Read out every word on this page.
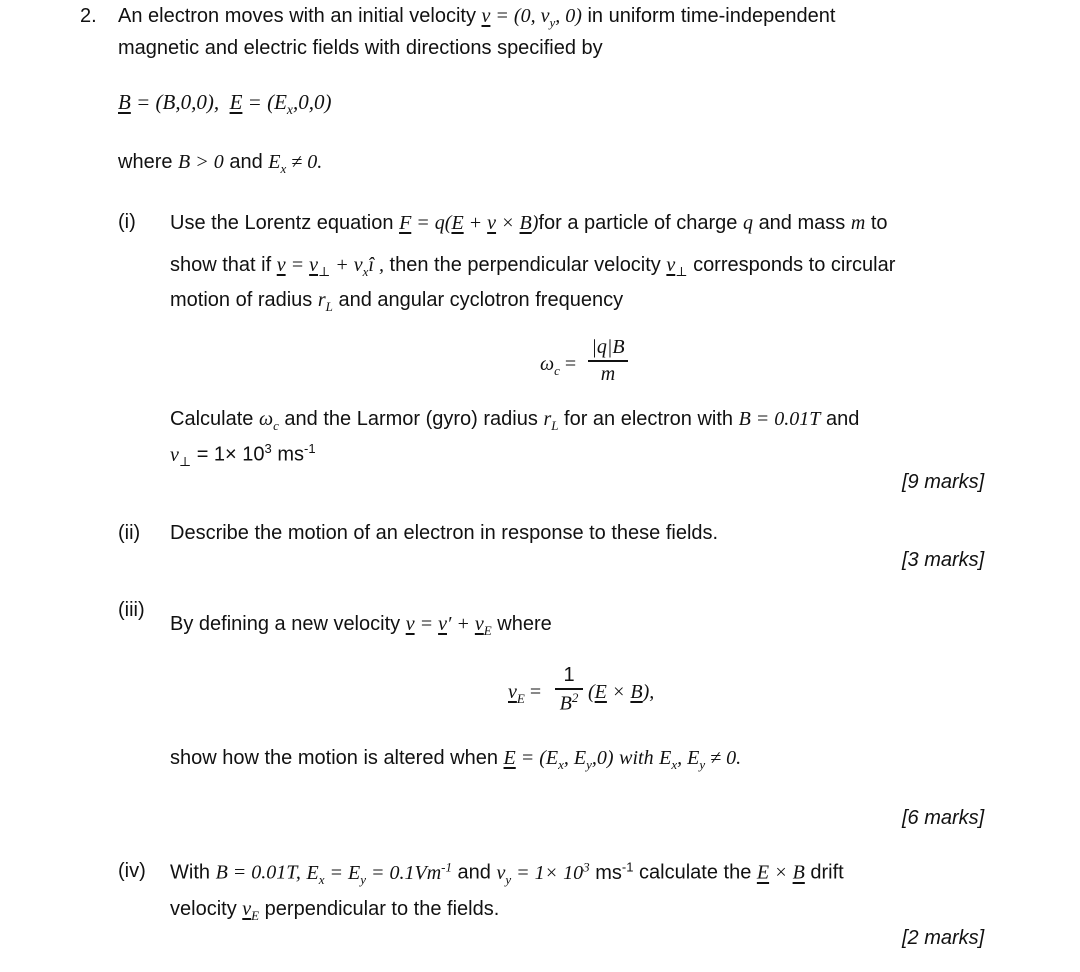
2. An electron moves with an initial velocity v = (0, $v_y$, 0) in uniform time-independent
magnetic and electric fields with directions specified by
B = (B,0,0),  $E = (E_x,0,0)$
where B > 0 and $E_x \ne 0$.
(i) Use the Lorentz equation F = q(E + v × B)for a particle of charge q and mass m to
show that if $v = v_\perp$ + $v_xî$ , then the perpendicular velocity $v_\perp$ corresponds to circular
motion of radius $r_L$ and angular cyclotron frequency
$\omega_c$ =
|q|B
m
Calculate $\omega_c$ and the Larmor (gyro) radius $r_L$ for an electron with B = 0.01T and
$v_\perp = 1\times 10^3$ $ms^{-1}$
[9 marks]
(ii) Describe the motion of an electron in response to these fields.
[3 marks]
(iii)
By defining a new velocity $v = v' + v_E$ where
$v_E$ =
1
$B^2$ (E × B),
show how the motion is altered when $E = (E_x$, $E_y,0$) with $E_x$, $E_y \ne 0$.
[6 marks]
(iv) With B = 0.01T, $E_x = E_y = 0.1Vm^{-1}$ and $v_y = 1\times 10^3$ $ms^{-1}$ calculate the E × B drift
velocity $v_E$ perpendicular to the fields.
[2 marks]
